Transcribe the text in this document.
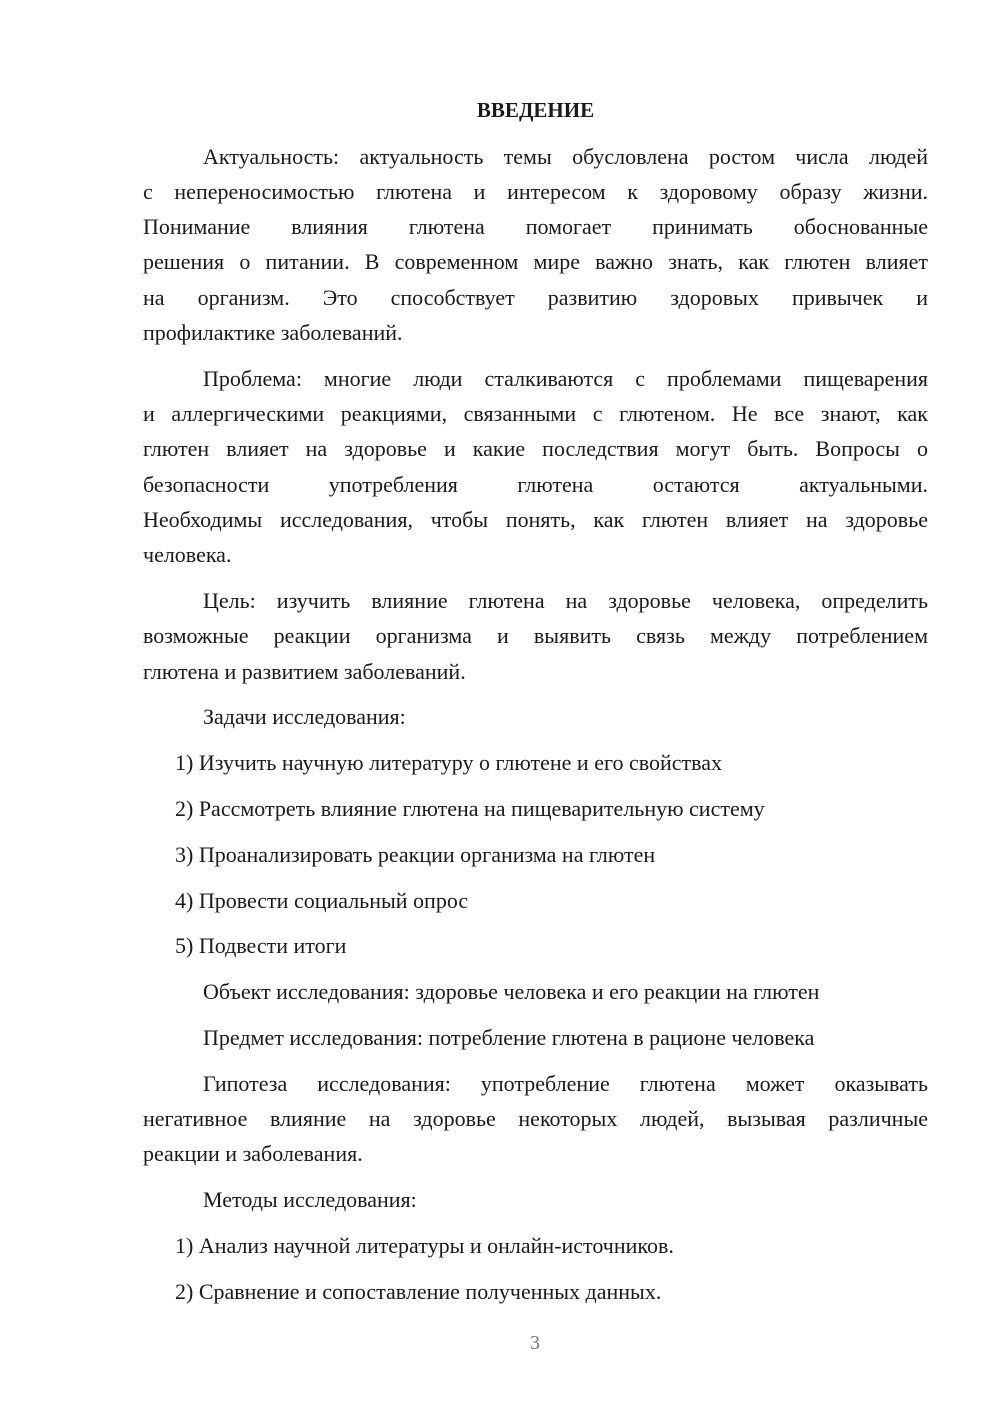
ВВЕДЕНИЕ
Актуальность: актуальность темы обусловлена ростом числа людей
с непереносимостью глютена и интересом к здоровому образу жизни.
Понимание влияния глютена помогает принимать обоснованные
решения о питании. В современном мире важно знать, как глютен влияет
на организм. Это способствует развитию здоровых привычек и
профилактике заболеваний.
Проблема: многие люди сталкиваются с проблемами пищеварения
и аллергическими реакциями, связанными с глютеном. Не все знают, как
глютен влияет на здоровье и какие последствия могут быть. Вопросы о
безопасности употребления глютена остаются актуальными.
Необходимы исследования, чтобы понять, как глютен влияет на здоровье
человека.
Цель: изучить влияние глютена на здоровье человека, определить
возможные реакции организма и выявить связь между потреблением
глютена и развитием заболеваний.
Задачи исследования:
1) Изучить научную литературу о глютене и его свойствах
2) Рассмотреть влияние глютена на пищеварительную систему
3) Проанализировать реакции организма на глютен
4) Провести социальный опрос
5) Подвести итоги
Объект исследования: здоровье человека и его реакции на глютен
Предмет исследования: потребление глютена в рационе человека
Гипотеза исследования: употребление глютена может оказывать
негативное влияние на здоровье некоторых людей, вызывая различные
реакции и заболевания.
Методы исследования:
1) Анализ научной литературы и онлайн-источников.
2) Сравнение и сопоставление полученных данных.
3
